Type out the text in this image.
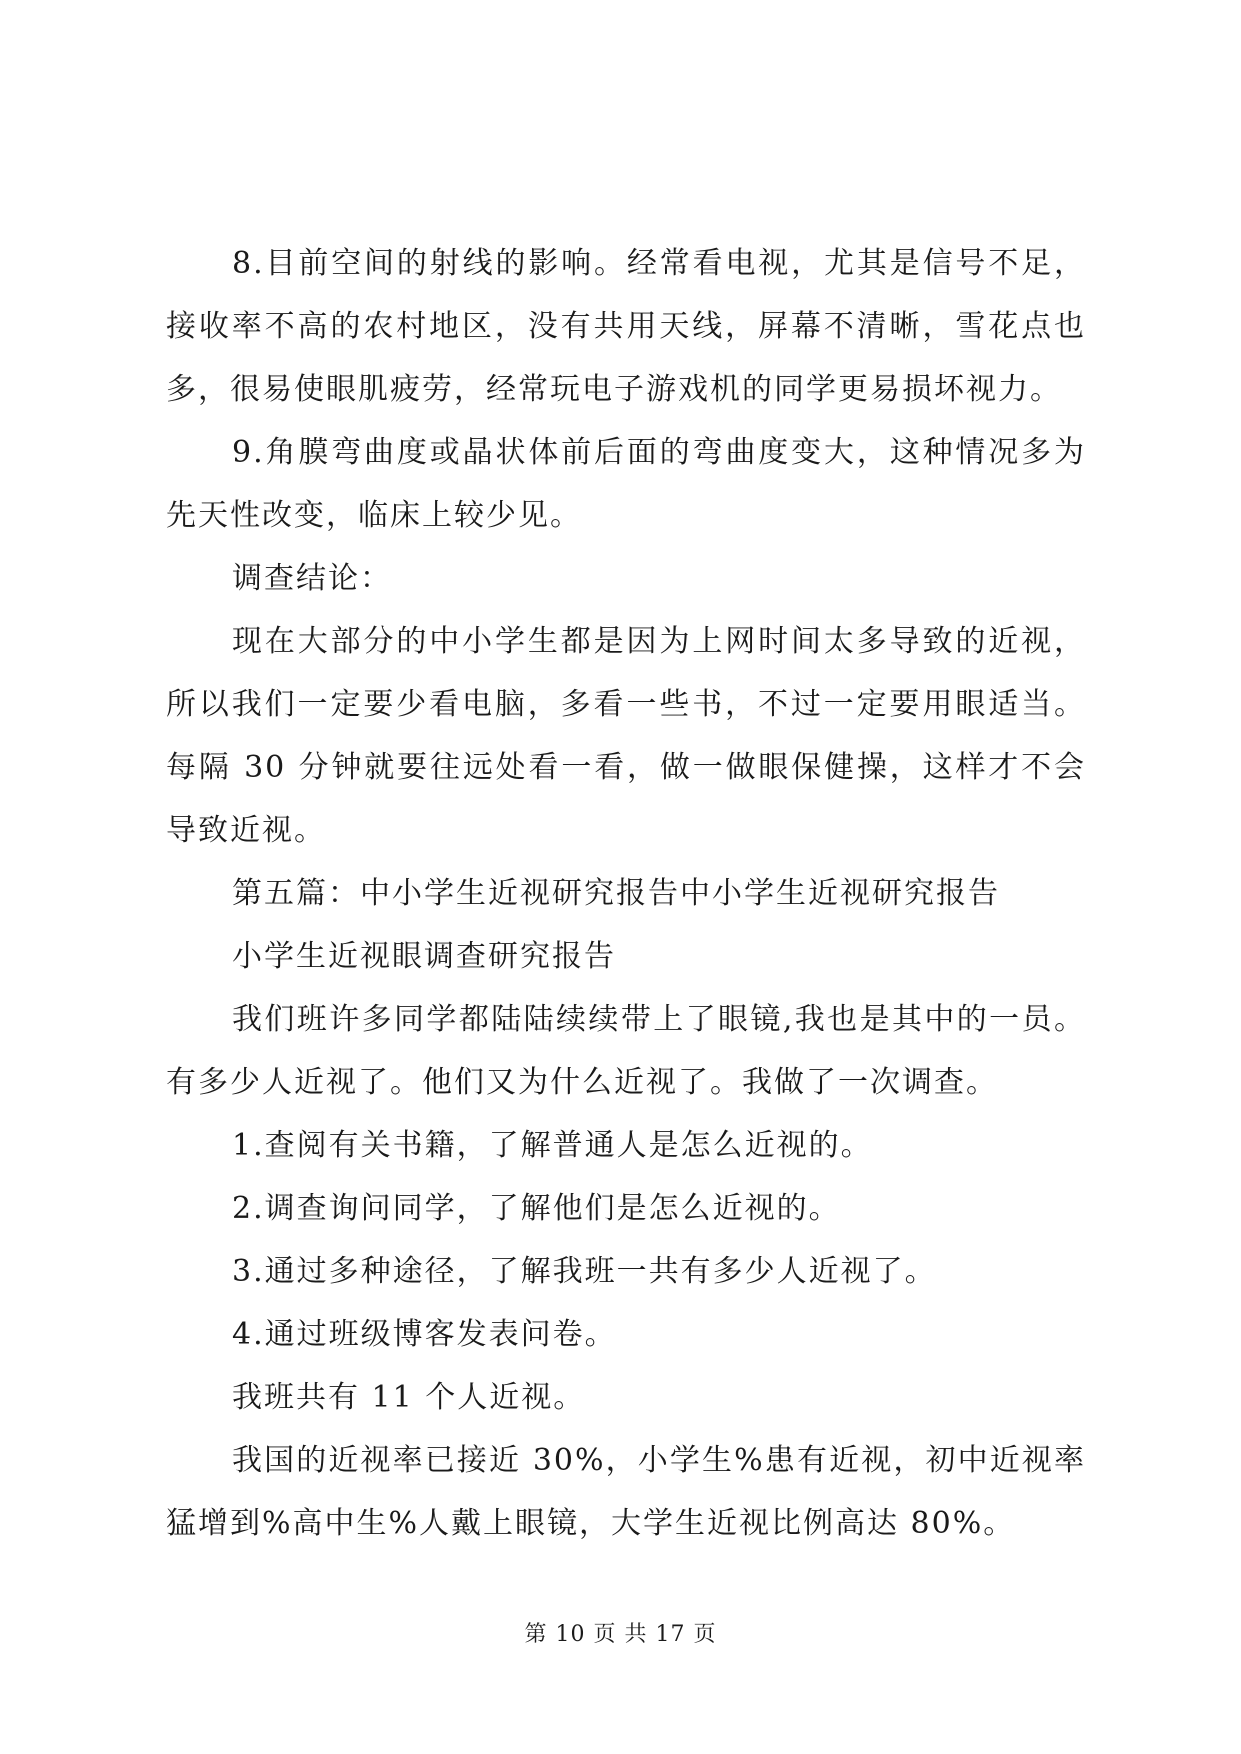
8.目前空间的射线的影响。经常看电视，尤其是信号不足，接收率不高的农村地区，没有共用天线，屏幕不清晰，雪花点也多，很易使眼肌疲劳，经常玩电子游戏机的同学更易损坏视力。

9.角膜弯曲度或晶状体前后面的弯曲度变大，这种情况多为先天性改变，临床上较少见。

调查结论：

现在大部分的中小学生都是因为上网时间太多导致的近视，所以我们一定要少看电脑，多看一些书，不过一定要用眼适当。每隔 30 分钟就要往远处看一看，做一做眼保健操，这样才不会导致近视。

第五篇：中小学生近视研究报告中小学生近视研究报告

小学生近视眼调查研究报告

我们班许多同学都陆陆续续带上了眼镜,我也是其中的一员。有多少人近视了。他们又为什么近视了。我做了一次调查。

1.查阅有关书籍，了解普通人是怎么近视的。

2.调查询问同学，了解他们是怎么近视的。

3.通过多种途径，了解我班一共有多少人近视了。

4.通过班级博客发表问卷。

我班共有 11 个人近视。

我国的近视率已接近 30%，小学生%患有近视，初中近视率猛增到%高中生%人戴上眼镜，大学生近视比例高达 80%。

第 10 页 共 17 页
